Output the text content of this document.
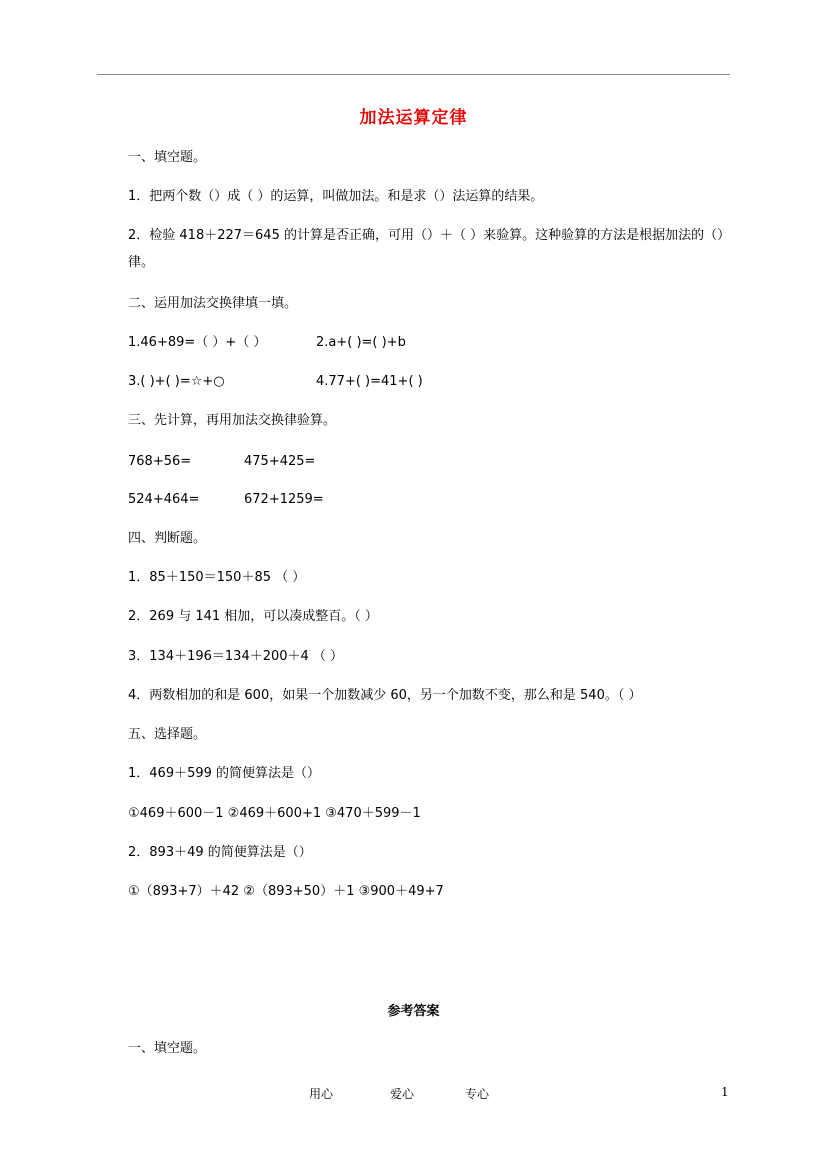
加法运算定律
一、填空题。
1．把两个数（）成（ ）的运算，叫做加法。和是求（）法运算的结果。
2．检验 418＋227＝645 的计算是否正确，可用（）＋（ ）来验算。这种验算的方法是根据加法的（）律。
二、运用加法交换律填一填。
1.46+89=（ ）+（ ）	2.a+( )=( )+b
3.( )+( )=☆+○	4.77+( )=41+( )
三、先计算，再用加法交换律验算。
768+56=	475+425=
524+464=	672+1259=
四、判断题。
1．85＋150＝150＋85 （ ）
2．269 与 141 相加，可以凑成整百。（ ）
3．134＋196＝134＋200＋4 （ ）
4．两数相加的和是 600，如果一个加数减少 60，另一个加数不变，那么和是 540。（ ）
五、选择题。
1．469＋599 的简便算法是（）
①469＋600－1 ②469＋600+1 ③470＋599－1
2．893＋49 的简便算法是（）
①（893+7）＋42 ②（893+50）＋1 ③900＋49+7
参考答案
一、填空题。
用心	爱心	专心	1
